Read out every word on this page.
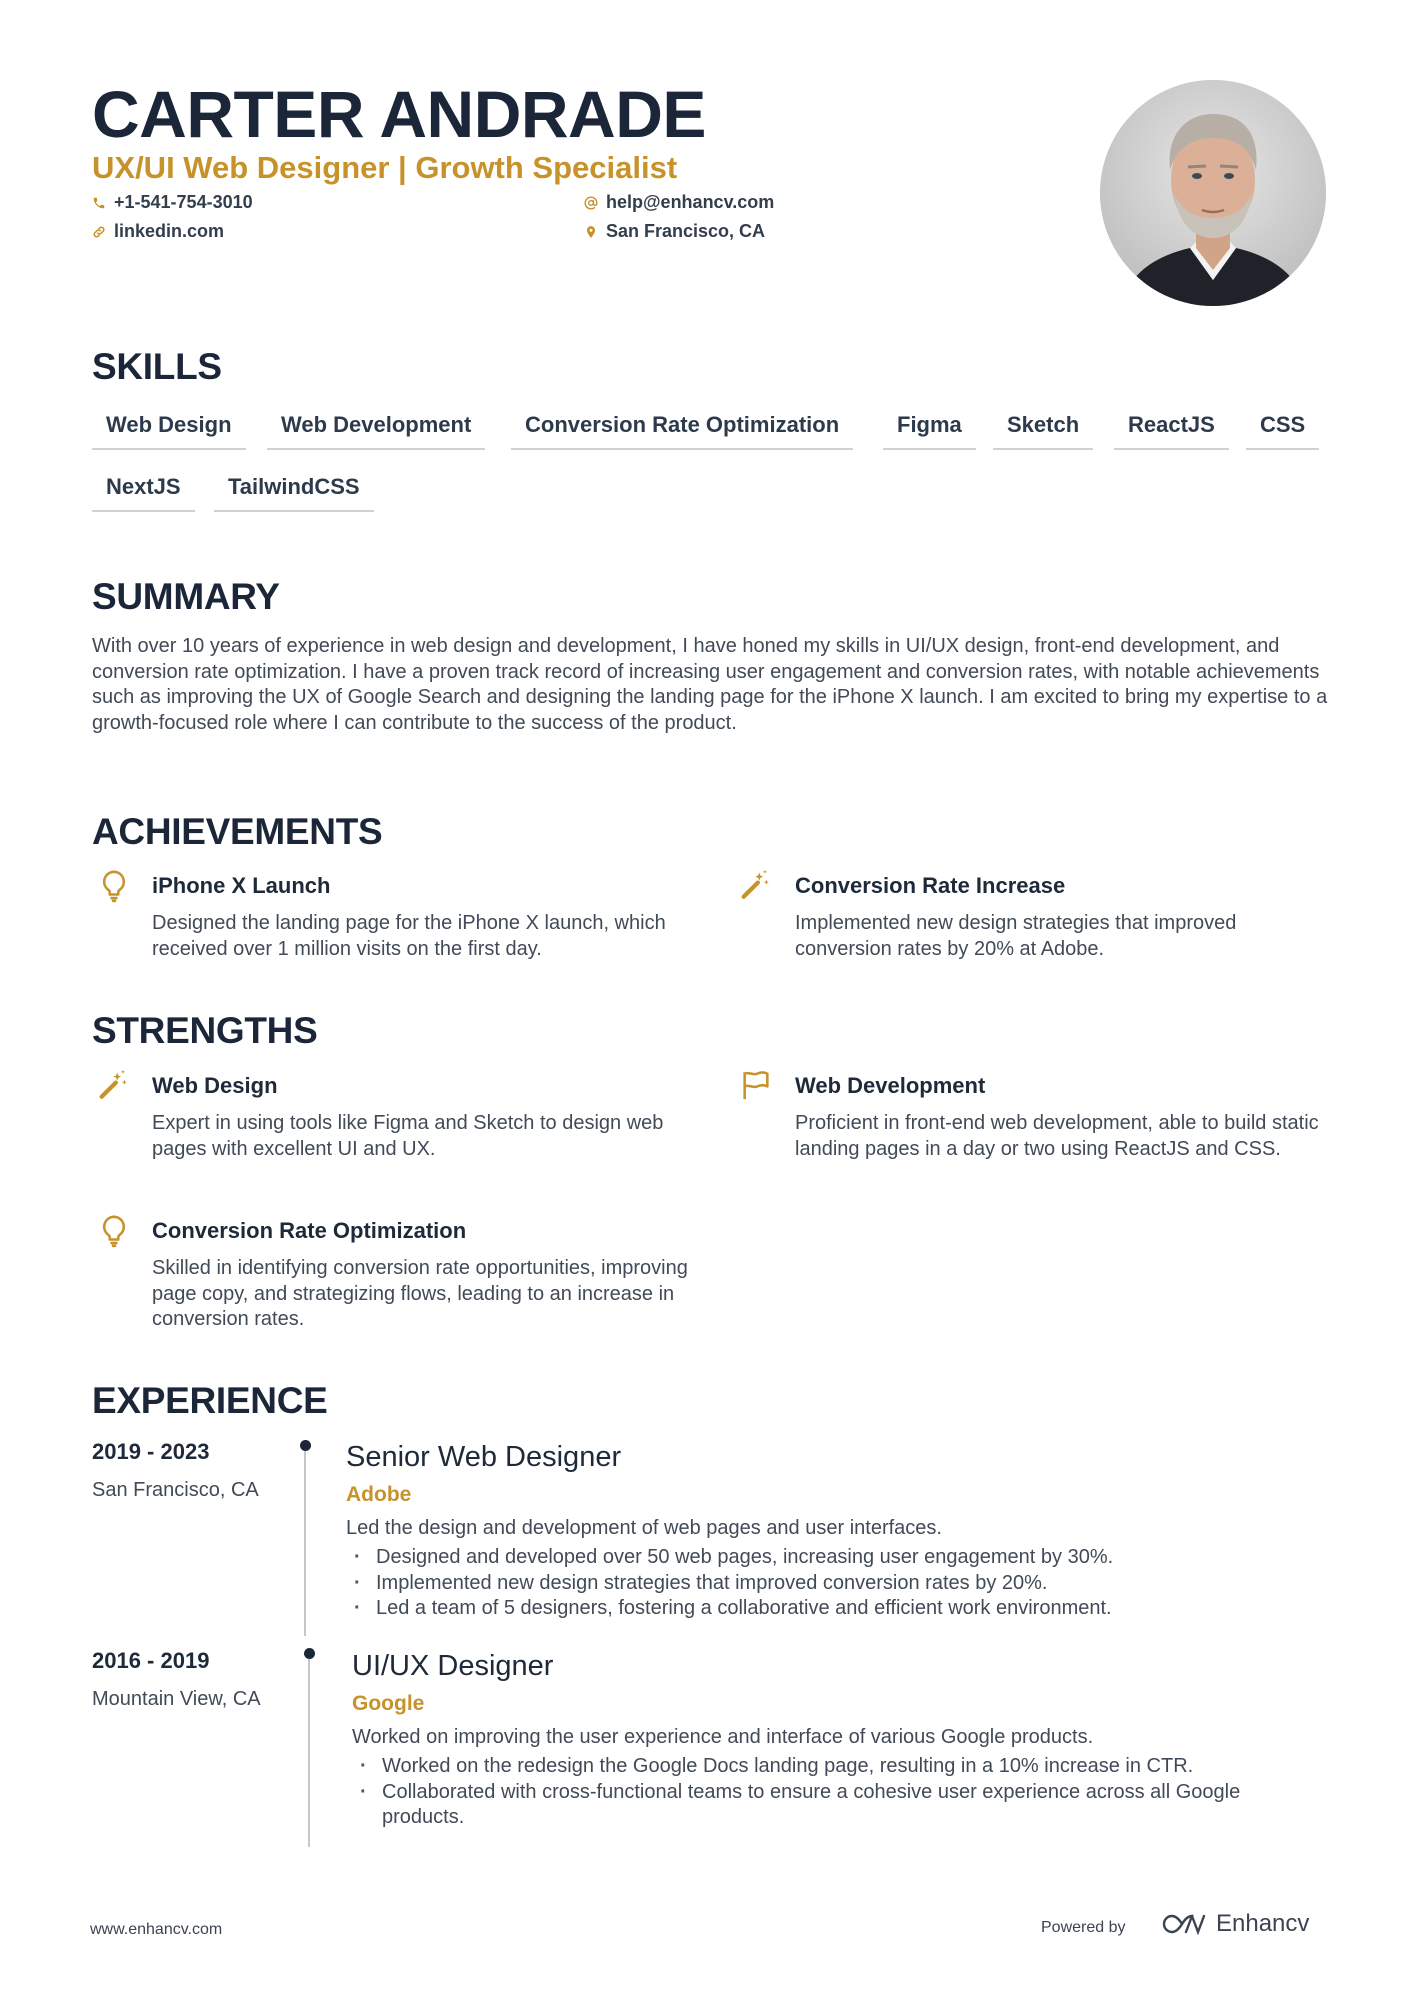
CARTER ANDRADE
UX/UI Web Designer | Growth Specialist
+1-541-754-3010
linkedin.com
help@enhancv.com
San Francisco, CA
SKILLS
Web Design	Web Development	Conversion Rate Optimization	Figma	Sketch	ReactJS	CSS
NextJS	TailwindCSS
SUMMARY
With over 10 years of experience in web design and development, I have honed my skills in UI/UX design, front-end development, and conversion rate optimization. I have a proven track record of increasing user engagement and conversion rates, with notable achievements such as improving the UX of Google Search and designing the landing page for the iPhone X launch. I am excited to bring my expertise to a growth-focused role where I can contribute to the success of the product.
ACHIEVEMENTS
iPhone X Launch
Designed the landing page for the iPhone X launch, which received over 1 million visits on the first day.
Conversion Rate Increase
Implemented new design strategies that improved conversion rates by 20% at Adobe.
STRENGTHS
Web Design
Expert in using tools like Figma and Sketch to design web pages with excellent UI and UX.
Web Development
Proficient in front-end web development, able to build static landing pages in a day or two using ReactJS and CSS.
Conversion Rate Optimization
Skilled in identifying conversion rate opportunities, improving page copy, and strategizing flows, leading to an increase in conversion rates.
EXPERIENCE
2019 - 2023
San Francisco, CA
Senior Web Designer
Adobe
Led the design and development of web pages and user interfaces.
· Designed and developed over 50 web pages, increasing user engagement by 30%.
· Implemented new design strategies that improved conversion rates by 20%.
· Led a team of 5 designers, fostering a collaborative and efficient work environment.
2016 - 2019
Mountain View, CA
UI/UX Designer
Google
Worked on improving the user experience and interface of various Google products.
· Worked on the redesign the Google Docs landing page, resulting in a 10% increase in CTR.
· Collaborated with cross-functional teams to ensure a cohesive user experience across all Google products.
www.enhancv.com	Powered by	Enhancv
